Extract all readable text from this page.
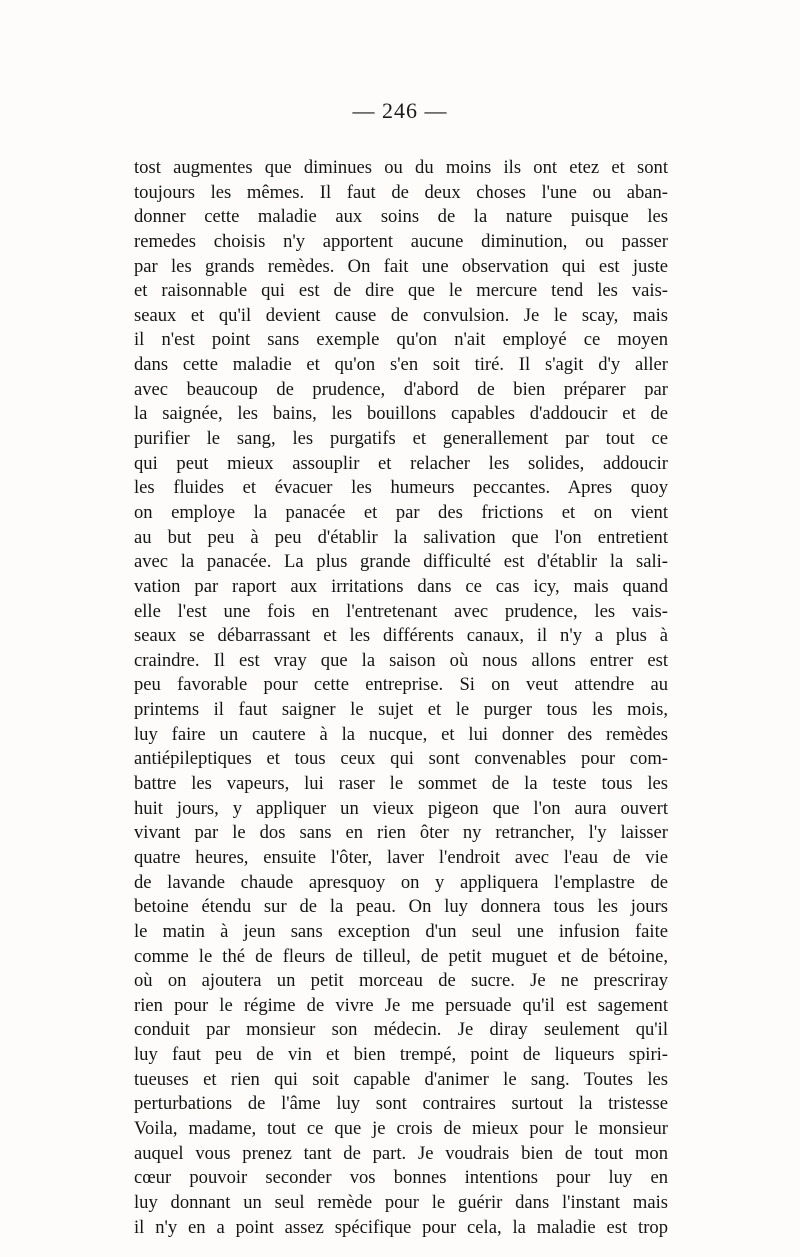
— 246 —
tost augmentes que diminues ou du moins ils ont etez et sont
toujours les mêmes. Il faut de deux choses l'une ou aban-
donner cette maladie aux soins de la nature puisque les
remedes choisis n'y apportent aucune diminution, ou passer
par les grands remèdes. On fait une observation qui est juste
et raisonnable qui est de dire que le mercure tend les vais-
seaux et qu'il devient cause de convulsion. Je le scay, mais
il n'est point sans exemple qu'on n'ait employé ce moyen
dans cette maladie et qu'on s'en soit tiré. Il s'agit d'y aller
avec beaucoup de prudence, d'abord de bien préparer par
la saignée, les bains, les bouillons capables d'addoucir et de
purifier le sang, les purgatifs et generallement par tout ce
qui peut mieux assouplir et relacher les solides, addoucir
les fluides et évacuer les humeurs peccantes. Apres quoy
on employe la panacée et par des frictions et on vient
au but peu à peu d'établir la salivation que l'on entretient
avec la panacée. La plus grande difficulté est d'établir la sali-
vation par raport aux irritations dans ce cas icy, mais quand
elle l'est une fois en l'entretenant avec prudence, les vais-
seaux se débarrassant et les différents canaux, il n'y a plus à
craindre. Il est vray que la saison où nous allons entrer est
peu favorable pour cette entreprise. Si on veut attendre au
printems il faut saigner le sujet et le purger tous les mois,
luy faire un cautere à la nucque, et lui donner des remèdes
antiépileptiques et tous ceux qui sont convenables pour com-
battre les vapeurs, lui raser le sommet de la teste tous les
huit jours, y appliquer un vieux pigeon que l'on aura ouvert
vivant par le dos sans en rien ôter ny retrancher, l'y laisser
quatre heures, ensuite l'ôter, laver l'endroit avec l'eau de vie
de lavande chaude apresquoy on y appliquera l'emplastre de
betoine étendu sur de la peau. On luy donnera tous les jours
le matin à jeun sans exception d'un seul une infusion faite
comme le thé de fleurs de tilleul, de petit muguet et de bétoine,
où on ajoutera un petit morceau de sucre. Je ne prescriray
rien pour le régime de vivre Je me persuade qu'il est sagement
conduit par monsieur son médecin. Je diray seulement qu'il
luy faut peu de vin et bien trempé, point de liqueurs spiri-
tueuses et rien qui soit capable d'animer le sang. Toutes les
perturbations de l'âme luy sont contraires surtout la tristesse
Voila, madame, tout ce que je crois de mieux pour le monsieur
auquel vous prenez tant de part. Je voudrais bien de tout mon
cœur pouvoir seconder vos bonnes intentions pour luy en
luy donnant un seul remède pour le guérir dans l'instant mais
il n'y en a point assez spécifique pour cela, la maladie est trop
